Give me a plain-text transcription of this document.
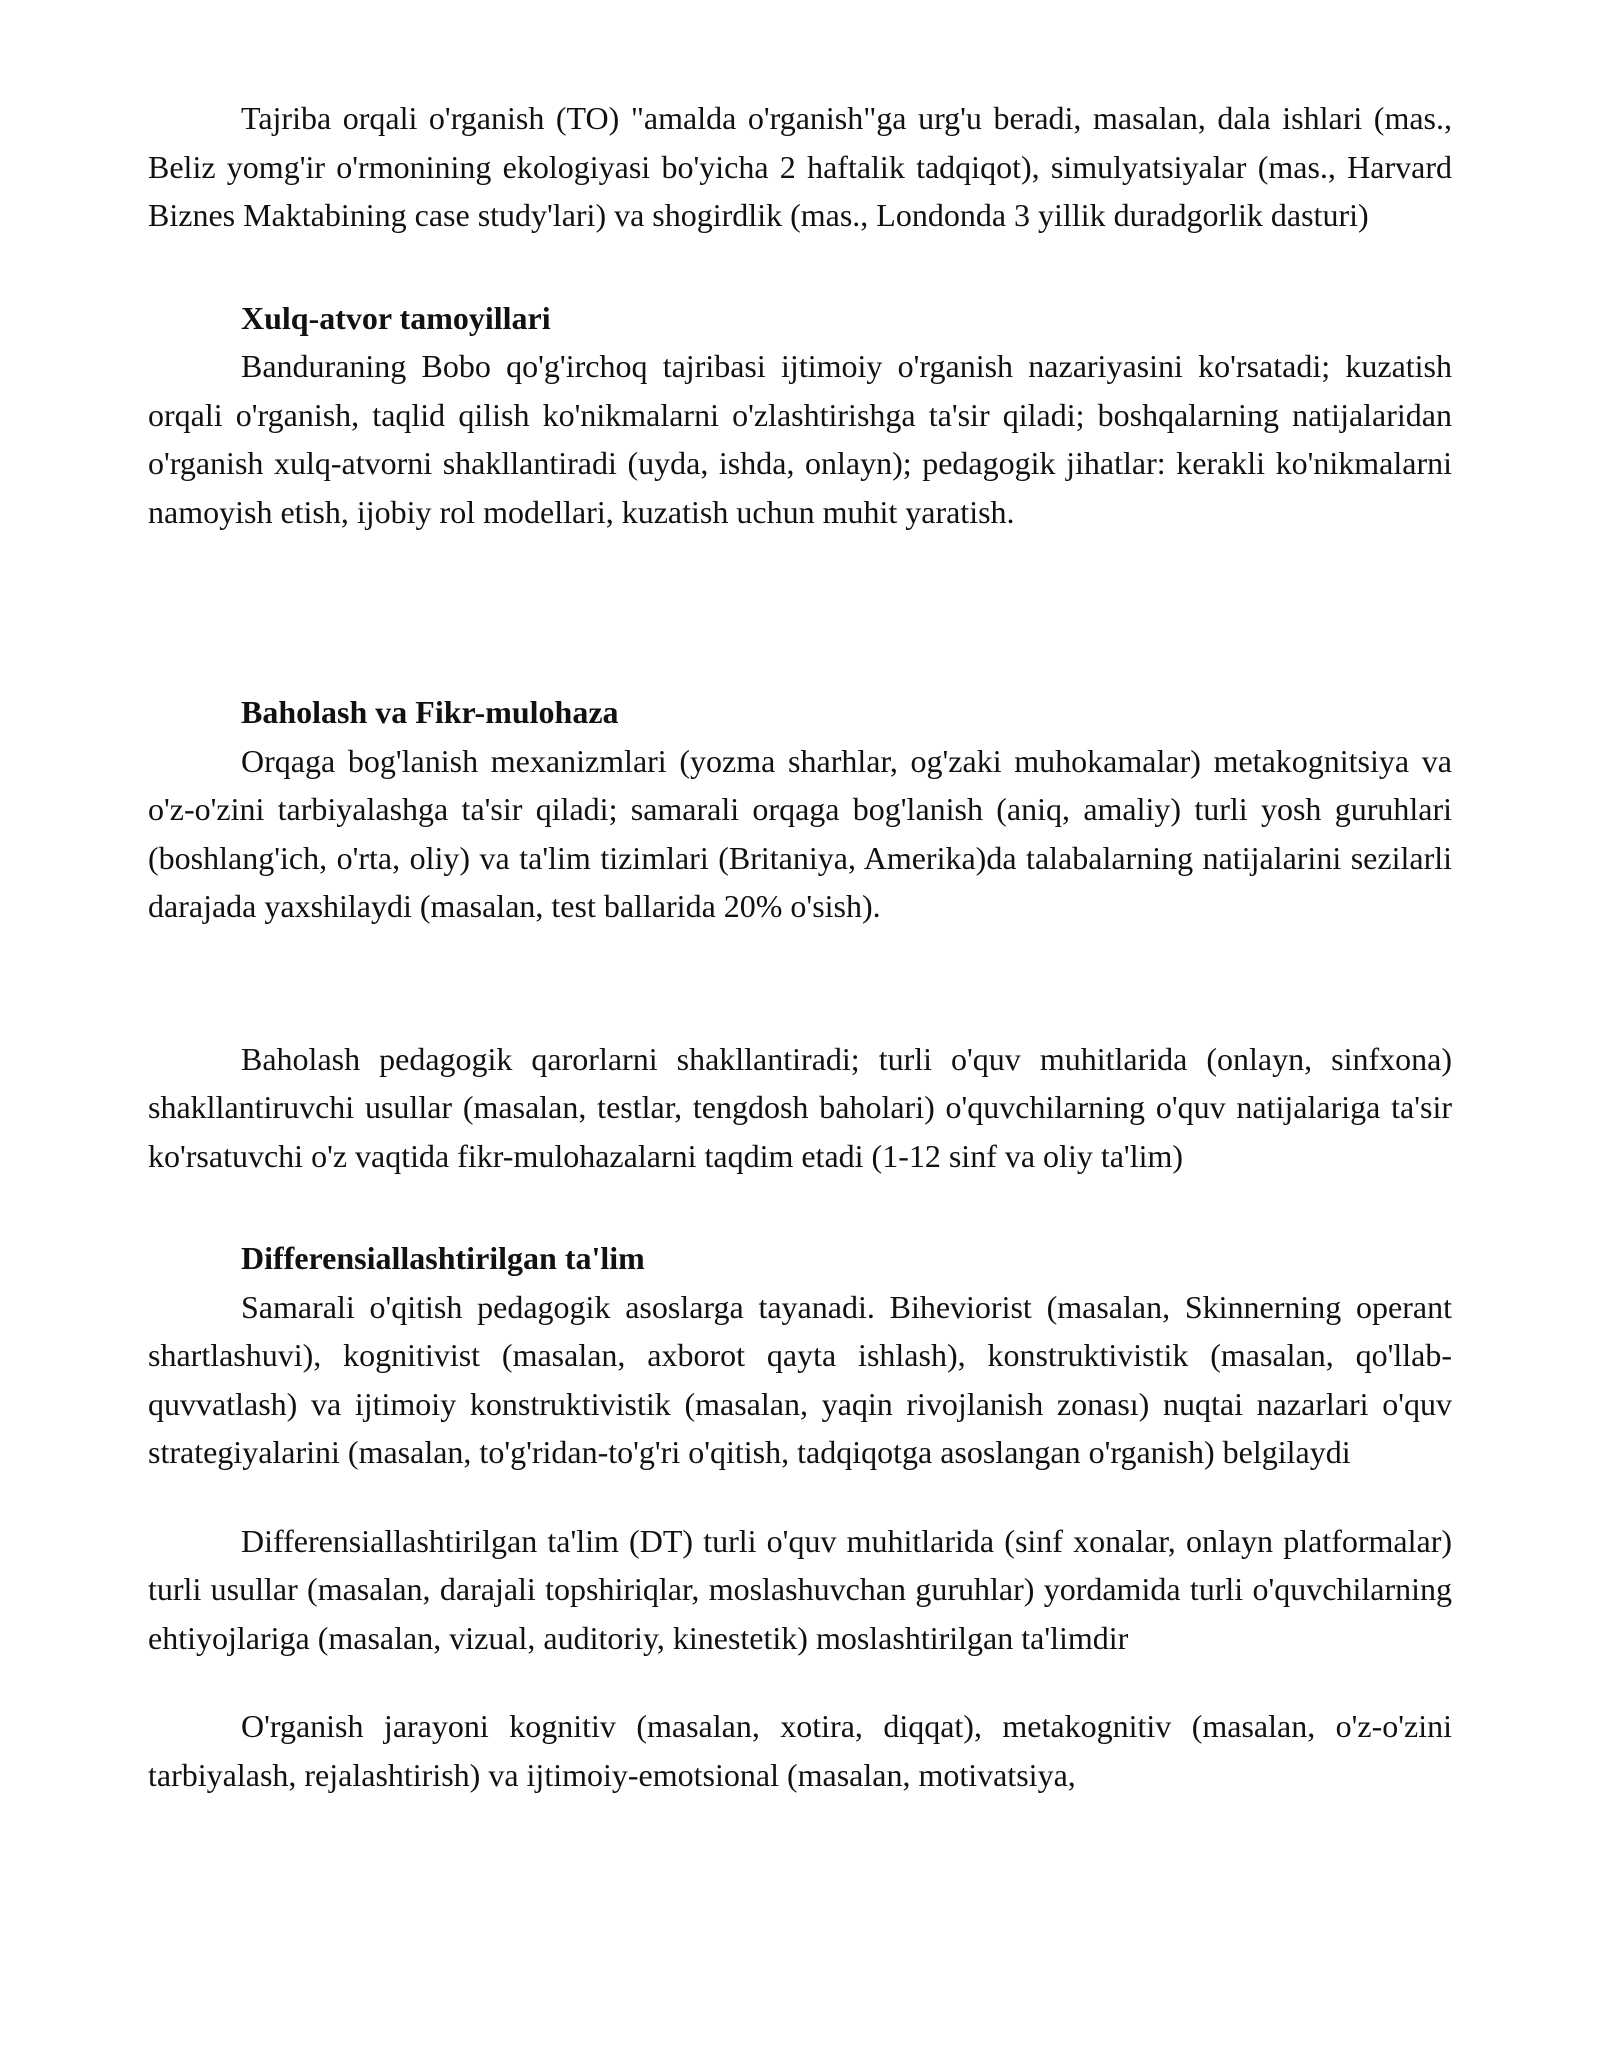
Tajriba orqali o'rganish (TO) "amalda o'rganish"ga urg'u beradi, masalan, dala ishlari (mas., Beliz yomg'ir o'rmonining ekologiyasi bo'yicha 2 haftalik tadqiqot), simulyatsiyalar (mas., Harvard Biznes Maktabining case study'lari) va shogirdlik (mas., Londonda 3 yillik duradgorlik dasturi)

Xulq-atvor tamoyillari

Banduraning Bobo qo'g'irchoq tajribasi ijtimoiy o'rganish nazariyasini ko'rsatadi; kuzatish orqali o'rganish, taqlid qilish ko'nikmalarni o'zlashtirishga ta'sir qiladi; boshqalarning natijalaridan o'rganish xulq-atvorni shakllantiradi (uyda, ishda, onlayn); pedagogik jihatlar: kerakli ko'nikmalarni namoyish etish, ijobiy rol modellari, kuzatish uchun muhit yaratish.

Baholash va Fikr-mulohaza

Orqaga bog'lanish mexanizmlari (yozma sharhlar, og'zaki muhokamalar) metakognitsiya va o'z-o'zini tarbiyalashga ta'sir qiladi; samarali orqaga bog'lanish (aniq, amaliy) turli yosh guruhlari (boshlang'ich, o'rta, oliy) va ta'lim tizimlari (Britaniya, Amerika)da talabalarning natijalarini sezilarli darajada yaxshilaydi (masalan, test ballarida 20% o'sish).

Baholash pedagogik qarorlarni shakllantiradi; turli o'quv muhitlarida (onlayn, sinfxona) shakllantiruvchi usullar (masalan, testlar, tengdosh baholari) o'quvchilarning o'quv natijalariga ta'sir ko'rsatuvchi o'z vaqtida fikr-mulohazalarni taqdim etadi (1-12 sinf va oliy ta'lim)

Differensiallashtirilgan ta'lim

Samarali o'qitish pedagogik asoslarga tayanadi. Biheviorist (masalan, Skinnerning operant shartlashuvi), kognitivist (masalan, axborot qayta ishlash), konstruktivistik (masalan, qo'llab-quvvatlash) va ijtimoiy konstruktivistik (masalan, yaqin rivojlanish zonası) nuqtai nazarlari o'quv strategiyalarini (masalan, to'g'ridan-to'g'ri o'qitish, tadqiqotga asoslangan o'rganish) belgilaydi

Differensiallashtirilgan ta'lim (DT) turli o'quv muhitlarida (sinf xonalar, onlayn platformalar) turli usullar (masalan, darajali topshiriqlar, moslashuvchan guruhlar) yordamida turli o'quvchilarning ehtiyojlariga (masalan, vizual, auditoriy, kinestetik) moslashtirilgan ta'limdir

O'rganish jarayoni kognitiv (masalan, xotira, diqqat), metakognitiv (masalan, o'z-o'zini tarbiyalash, rejalashtirish) va ijtimoiy-emotsional (masalan, motivatsiya,
